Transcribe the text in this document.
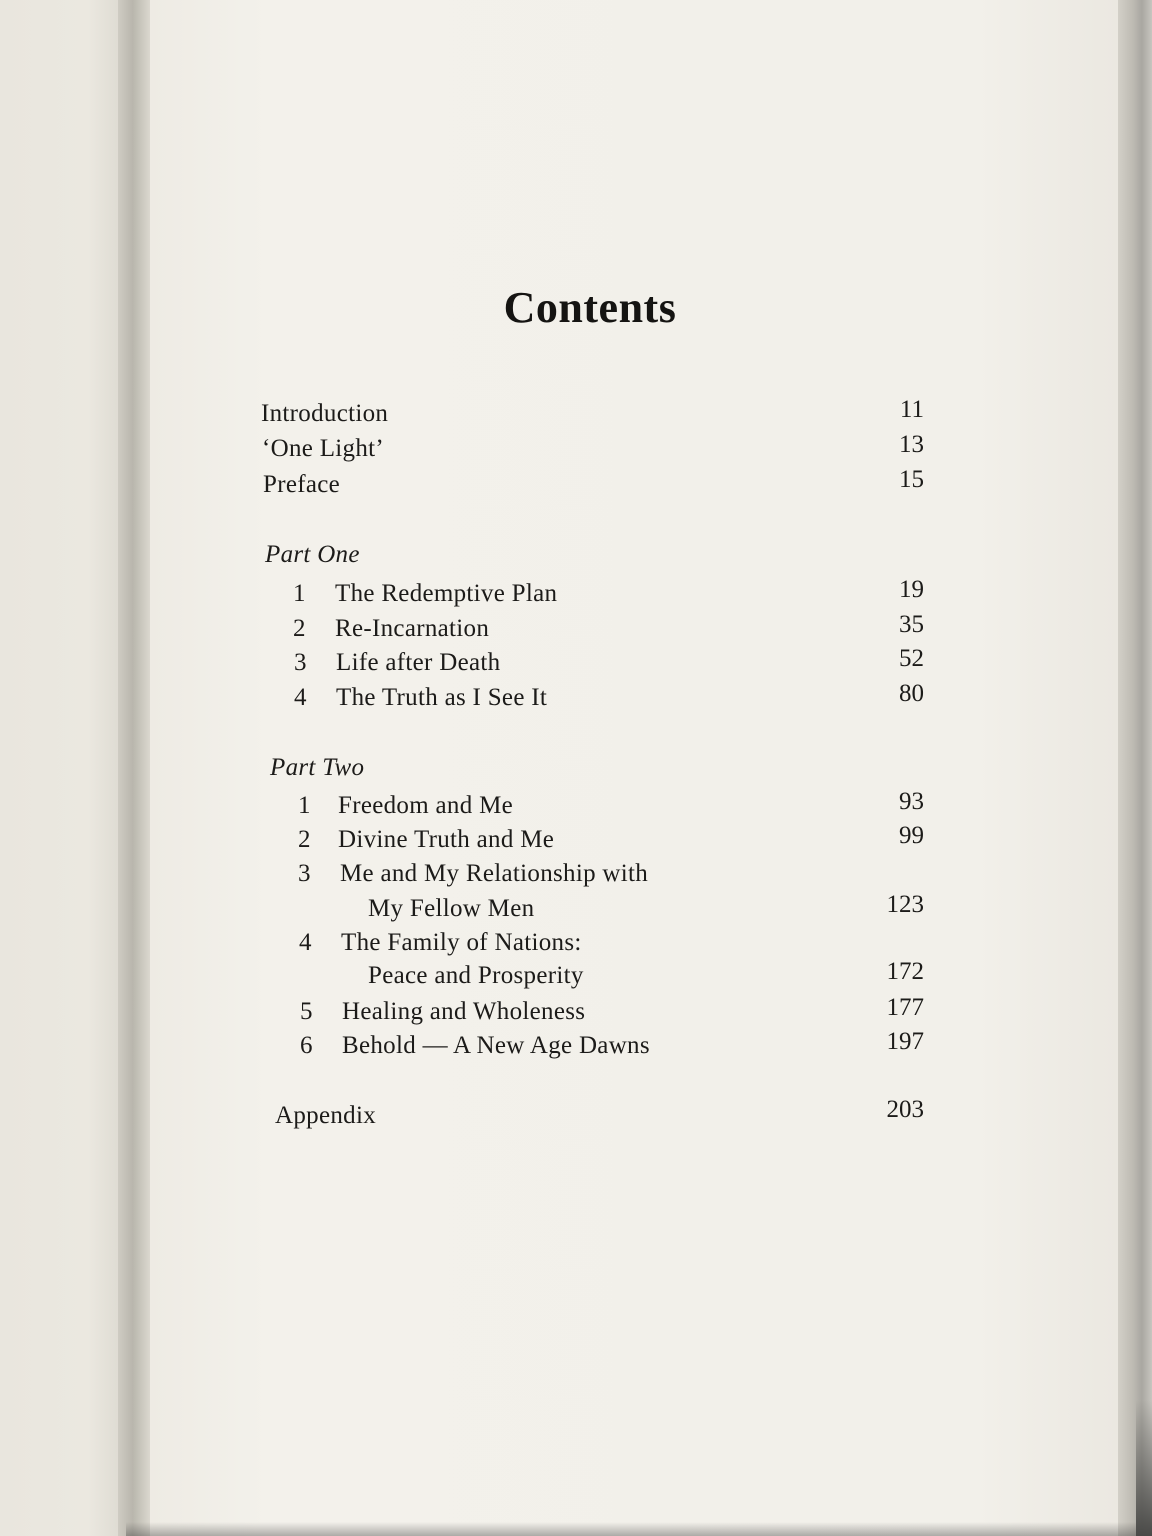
Contents
Introduction	11
‘One Light’	13
Preface	15
Part One
1 The Redemptive Plan	19
2 Re-Incarnation	35
3 Life after Death	52
4 The Truth as I See It	80
Part Two
1 Freedom and Me	93
2 Divine Truth and Me	99
3 Me and My Relationship with
My Fellow Men	123
4 The Family of Nations:
Peace and Prosperity	172
5 Healing and Wholeness	177
6 Behold — A New Age Dawns	197
Appendix	203
